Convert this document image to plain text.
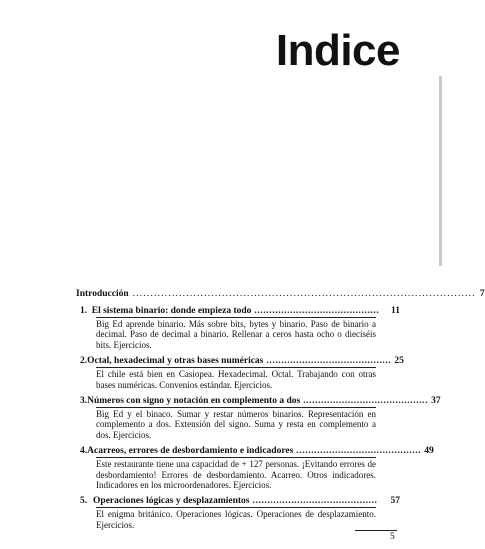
Indice
Introducción ................................................................................................ 7
1. El sistema binario: donde empieza todo ..........................................	11
Big Ed aprende binario. Más sobre bits, bytes y binario. Paso de binario a decimal. Paso de decimal a binario. Rellenar a ceros hasta ocho o dieciséis bits. Ejercicios.
2. Octal, hexadecimal y otras bases numéricas .......................................... 25
El chile está bien en Casiopea. Hexadecimal. Octal. Trabajando con otras bases numéricas. Convenios estándar. Ejercicios.
3. Números con signo y notación en complemento a dos .......................................... 37
Big Ed y el binaco. Sumar y restar números binarios. Representación en complemento a dos. Extensión del signo. Suma y resta en complemento a dos. Ejercicios.
4. Acarreos, errores de desbordamiento e indicadores .......................................... 49
Este restaurante tiene una capacidad de + 127 personas. ¡Evitando errores de desbordamiento! Errores de desbordamiento. Acarreo. Otros indicadores. Indicadores en los microordenadores. Ejercicios.
5. Operaciones lógicas y desplazamientos ..........................................	57
El enigma británico. Operaciones lógicas. Operaciones de desplazamiento. Ejercicios.
5
